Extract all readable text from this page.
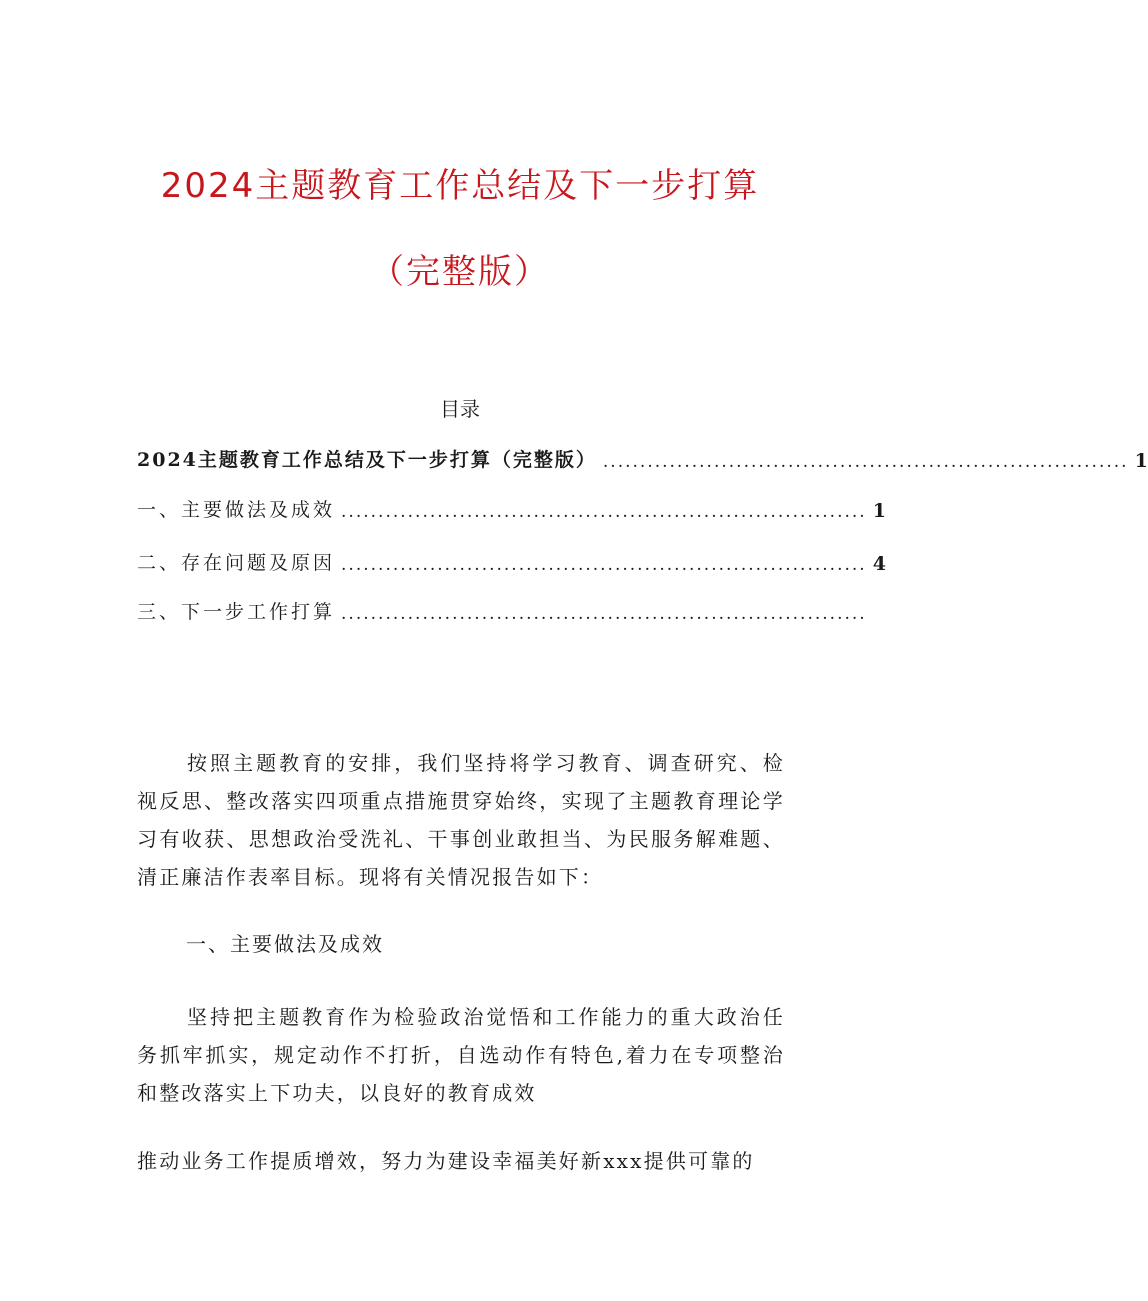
2024主题教育工作总结及下一步打算
（完整版）
目录
2024主题教育工作总结及下一步打算（完整版） ....................................................................... 1
一、主要做法及成效 ....................................................................... 1
二、存在问题及原因 ....................................................................... 4
三、下一步工作打算 .......................................................................

按照主题教育的安排，我们坚持将学习教育、调查研究、检视反思、整改落实四项重点措施贯穿始终，实现了主题教育理论学习有收获、思想政治受洗礼、干事创业敢担当、为民服务解难题、清正廉洁作表率目标。现将有关情况报告如下：

一、主要做法及成效

坚持把主题教育作为检验政治觉悟和工作能力的重大政治任务抓牢抓实，规定动作不打折，自选动作有特色,着力在专项整治和整改落实上下功夫，以良好的教育成效

推动业务工作提质增效，努力为建设幸福美好新xxx提供可靠的
